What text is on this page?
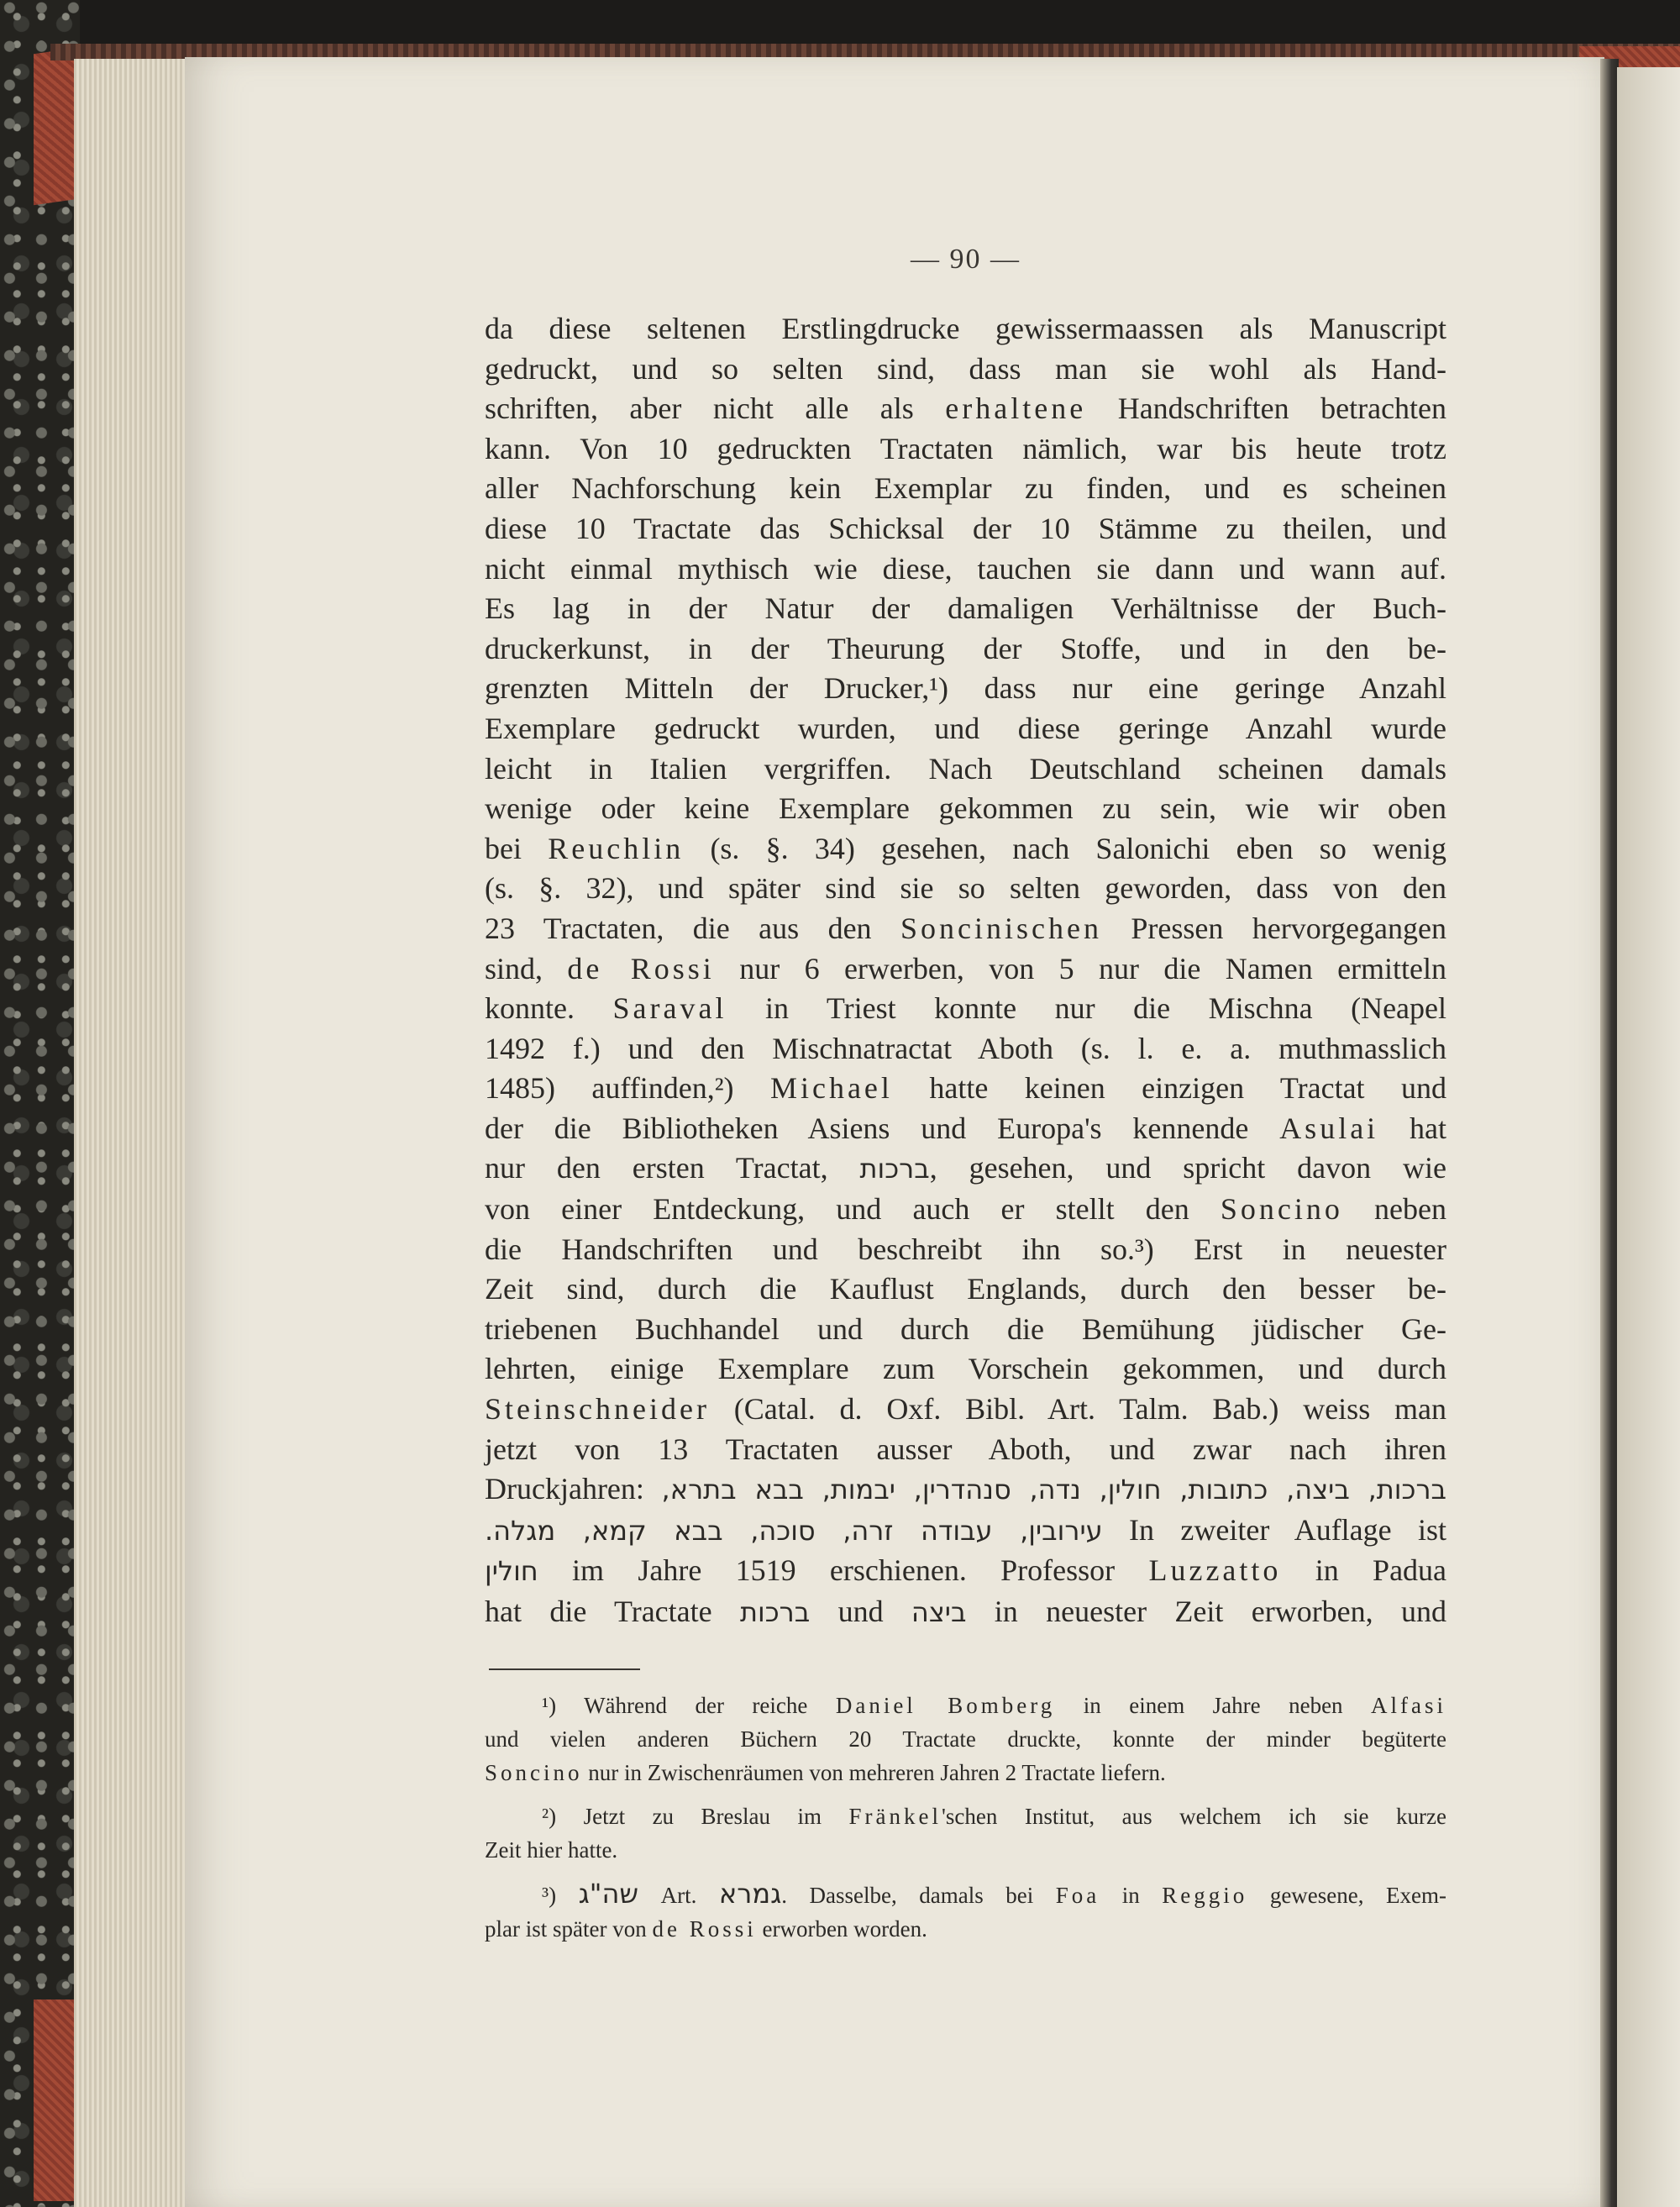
— 90 —
da diese seltenen Erstlingdrucke gewissermaassen als Manuscript
gedruckt, und so selten sind, dass man sie wohl als Hand-
schriften, aber nicht alle als erhaltene Handschriften betrachten
kann. Von 10 gedruckten Tractaten nämlich, war bis heute trotz
aller Nachforschung kein Exemplar zu finden, und es scheinen
diese 10 Tractate das Schicksal der 10 Stämme zu theilen, und
nicht einmal mythisch wie diese, tauchen sie dann und wann auf.
Es lag in der Natur der damaligen Verhältnisse der Buch-
druckerkunst, in der Theurung der Stoffe, und in den be-
grenzten Mitteln der Drucker,¹) dass nur eine geringe Anzahl
Exemplare gedruckt wurden, und diese geringe Anzahl wurde
leicht in Italien vergriffen. Nach Deutschland scheinen damals
wenige oder keine Exemplare gekommen zu sein, wie wir oben
bei Reuchlin (s. §. 34) gesehen, nach Salonichi eben so wenig
(s. §. 32), und später sind sie so selten geworden, dass von den
23 Tractaten, die aus den Soncinischen Pressen hervorgegangen
sind, de Rossi nur 6 erwerben, von 5 nur die Namen ermitteln
konnte. Saraval in Triest konnte nur die Mischna (Neapel
1492 f.) und den Mischnatractat Aboth (s. l. e. a. muthmasslich
1485) auffinden,²) Michael hatte keinen einzigen Tractat und
der die Bibliotheken Asiens und Europa's kennende Asulai hat
nur den ersten Tractat, ברכות, gesehen, und spricht davon wie
von einer Entdeckung, und auch er stellt den Soncino neben
die Handschriften und beschreibt ihn so.³) Erst in neuester
Zeit sind, durch die Kauflust Englands, durch den besser be-
triebenen Buchhandel und durch die Bemühung jüdischer Ge-
lehrten, einige Exemplare zum Vorschein gekommen, und durch
Steinschneider (Catal. d. Oxf. Bibl. Art. Talm. Bab.) weiss man
jetzt von 13 Tractaten ausser Aboth, und zwar nach ihren
Druckjahren: ברכות, ביצה, כתובות, חולין, נדה, סנהדרין, יבמות, בבא בתרא,
עירובין, עבודה זרה, סוכה, בבא קמא, מגלה. In zweiter Auflage ist
חולין im Jahre 1519 erschienen. Professor Luzzatto in Padua
hat die Tractate ברכות und ביצה in neuester Zeit erworben, und
¹) Während der reiche Daniel Bomberg in einem Jahre neben Alfasi
und vielen anderen Büchern 20 Tractate druckte, konnte der minder begüterte
Soncino nur in Zwischenräumen von mehreren Jahren 2 Tractate liefern.
²) Jetzt zu Breslau im Fränkel'schen Institut, aus welchem ich sie kurze
Zeit hier hatte.
³) שה"ג Art. גמרא. Dasselbe, damals bei Foa in Reggio gewesene, Exem-
plar ist später von de Rossi erworben worden.
